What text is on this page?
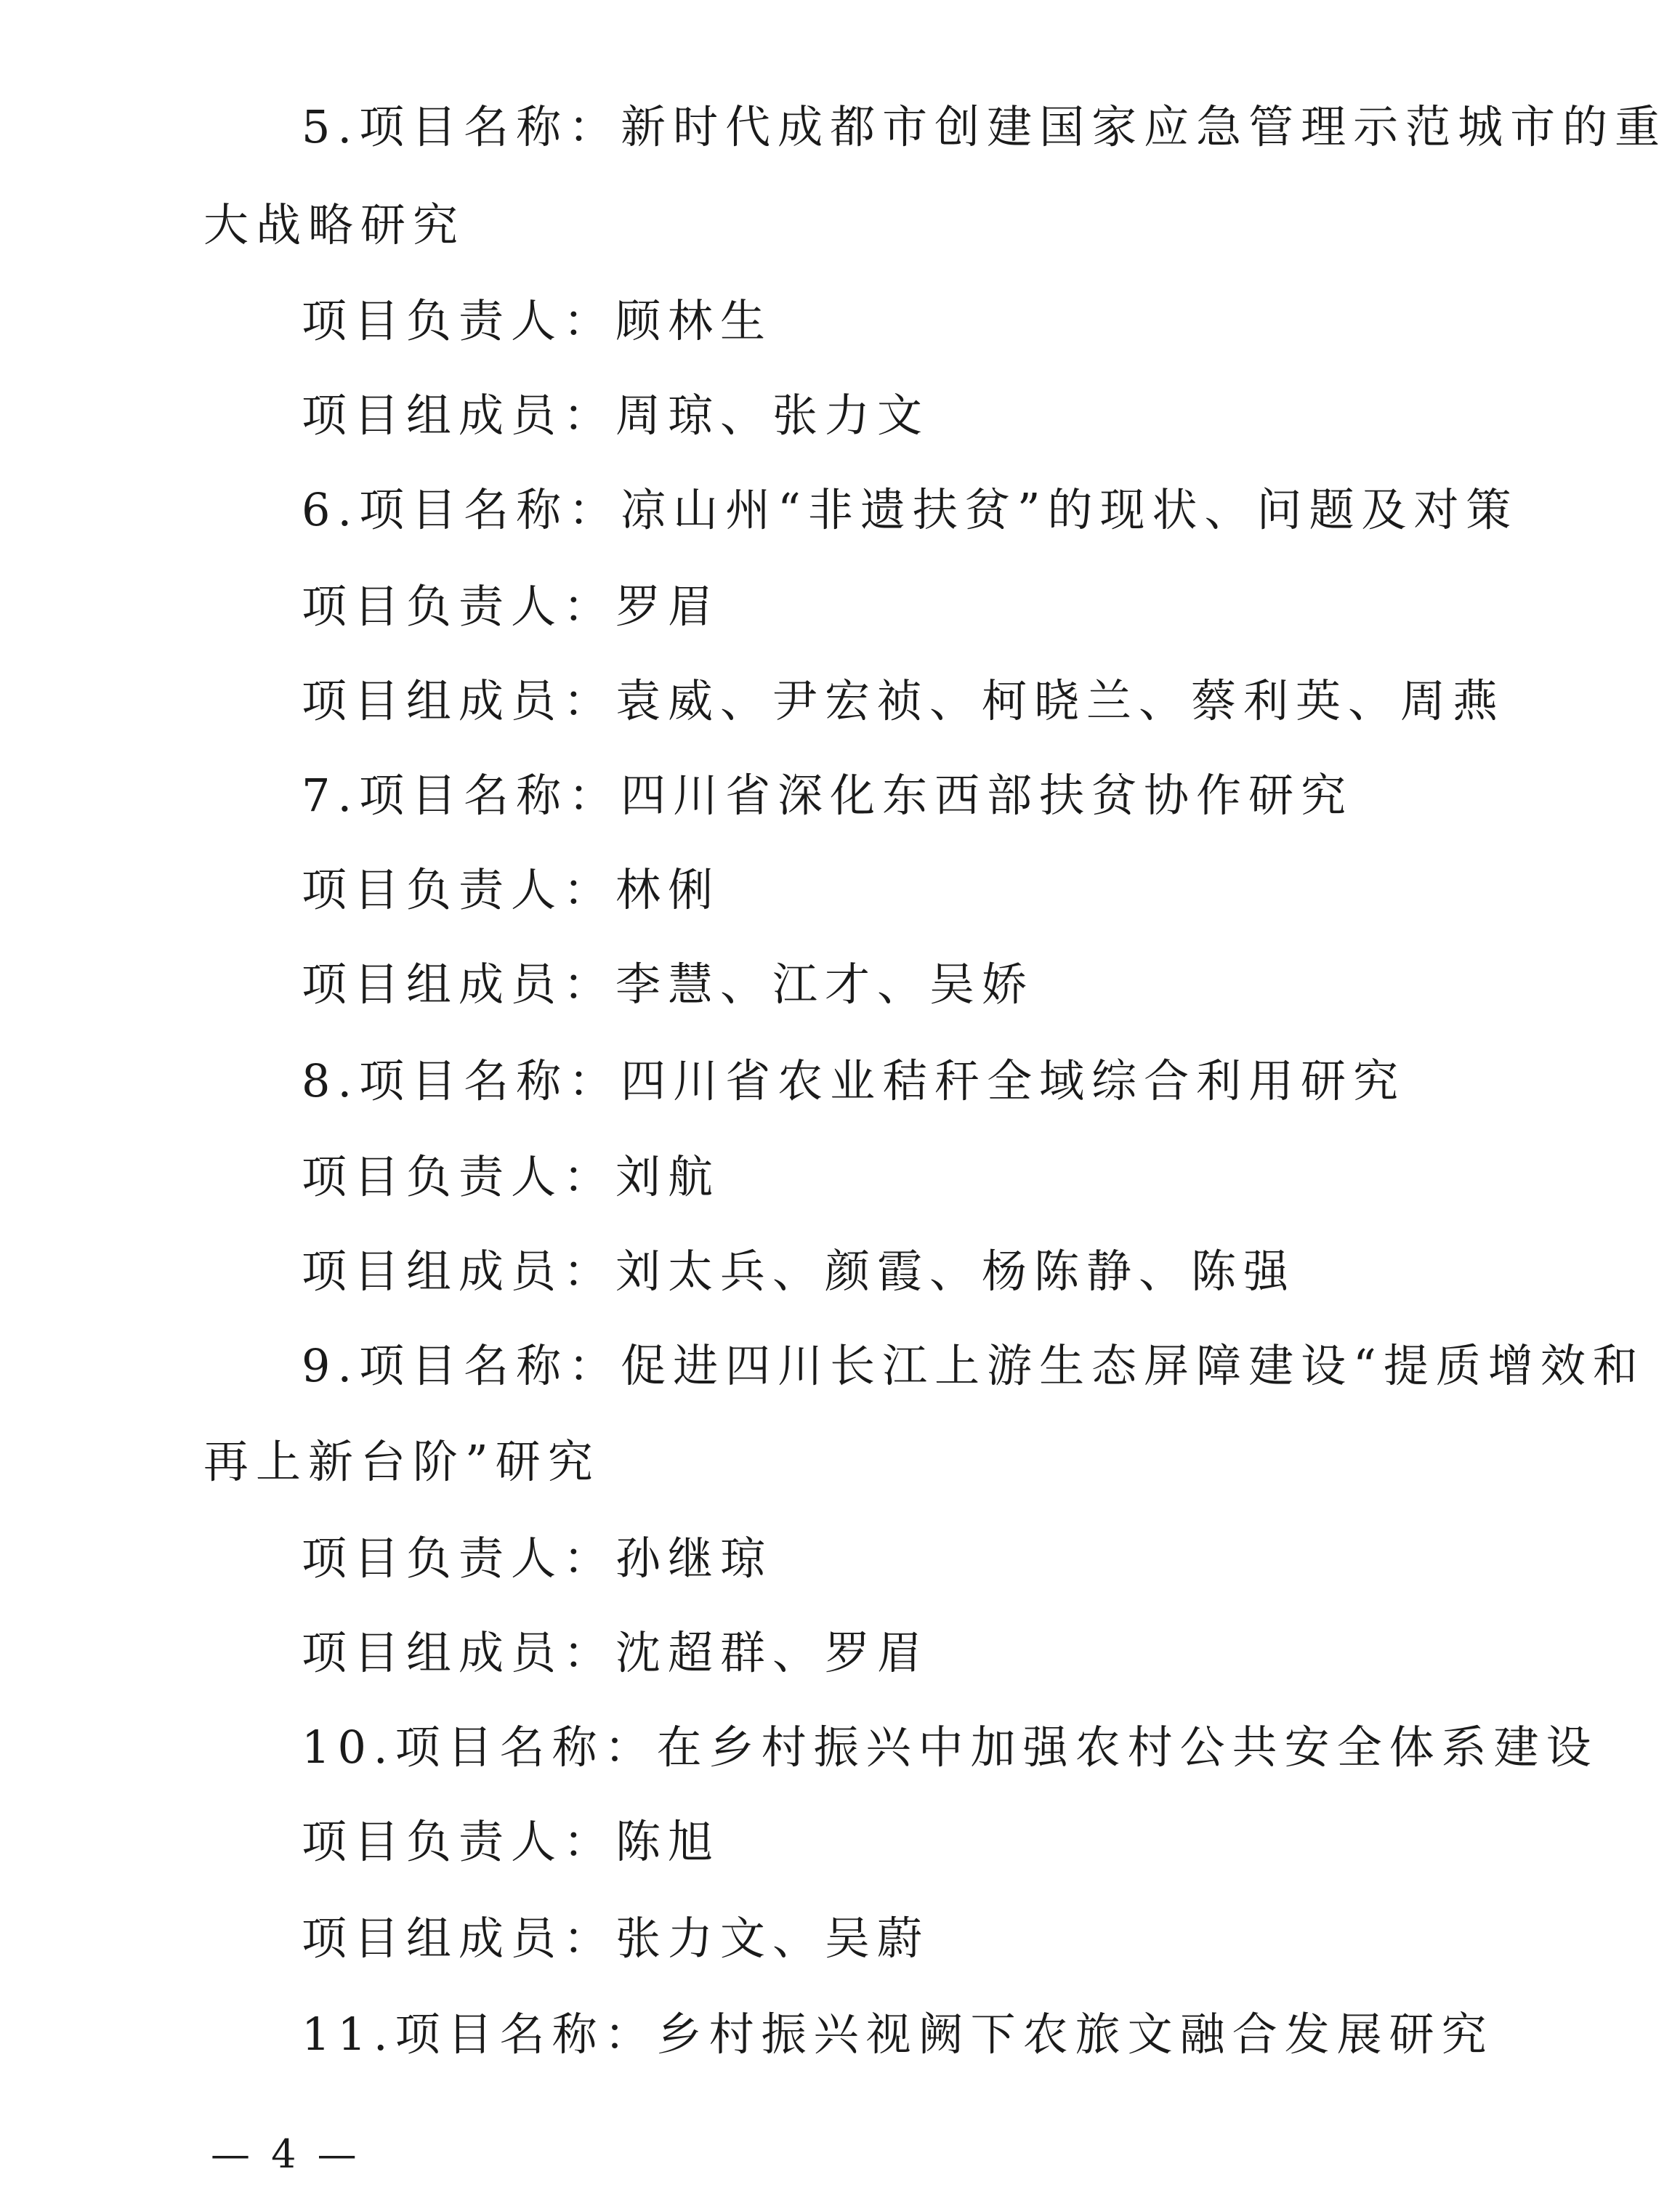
5.项目名称：新时代成都市创建国家应急管理示范城市的重
大战略研究
项目负责人：顾林生
项目组成员：周琼、张力文
6.项目名称：凉山州“非遗扶贫”的现状、问题及对策
项目负责人：罗眉
项目组成员：袁威、尹宏祯、柯晓兰、蔡利英、周燕
7.项目名称：四川省深化东西部扶贫协作研究
项目负责人：林俐
项目组成员：李慧、江才、吴娇
8.项目名称：四川省农业秸秆全域综合利用研究
项目负责人：刘航
项目组成员：刘太兵、颜霞、杨陈静、陈强
9.项目名称：促进四川长江上游生态屏障建设“提质增效和
再上新台阶”研究
项目负责人：孙继琼
项目组成员：沈超群、罗眉
10.项目名称：在乡村振兴中加强农村公共安全体系建设
项目负责人：陈旭
项目组成员：张力文、吴蔚
11.项目名称：乡村振兴视阙下农旅文融合发展研究
— 4 —
